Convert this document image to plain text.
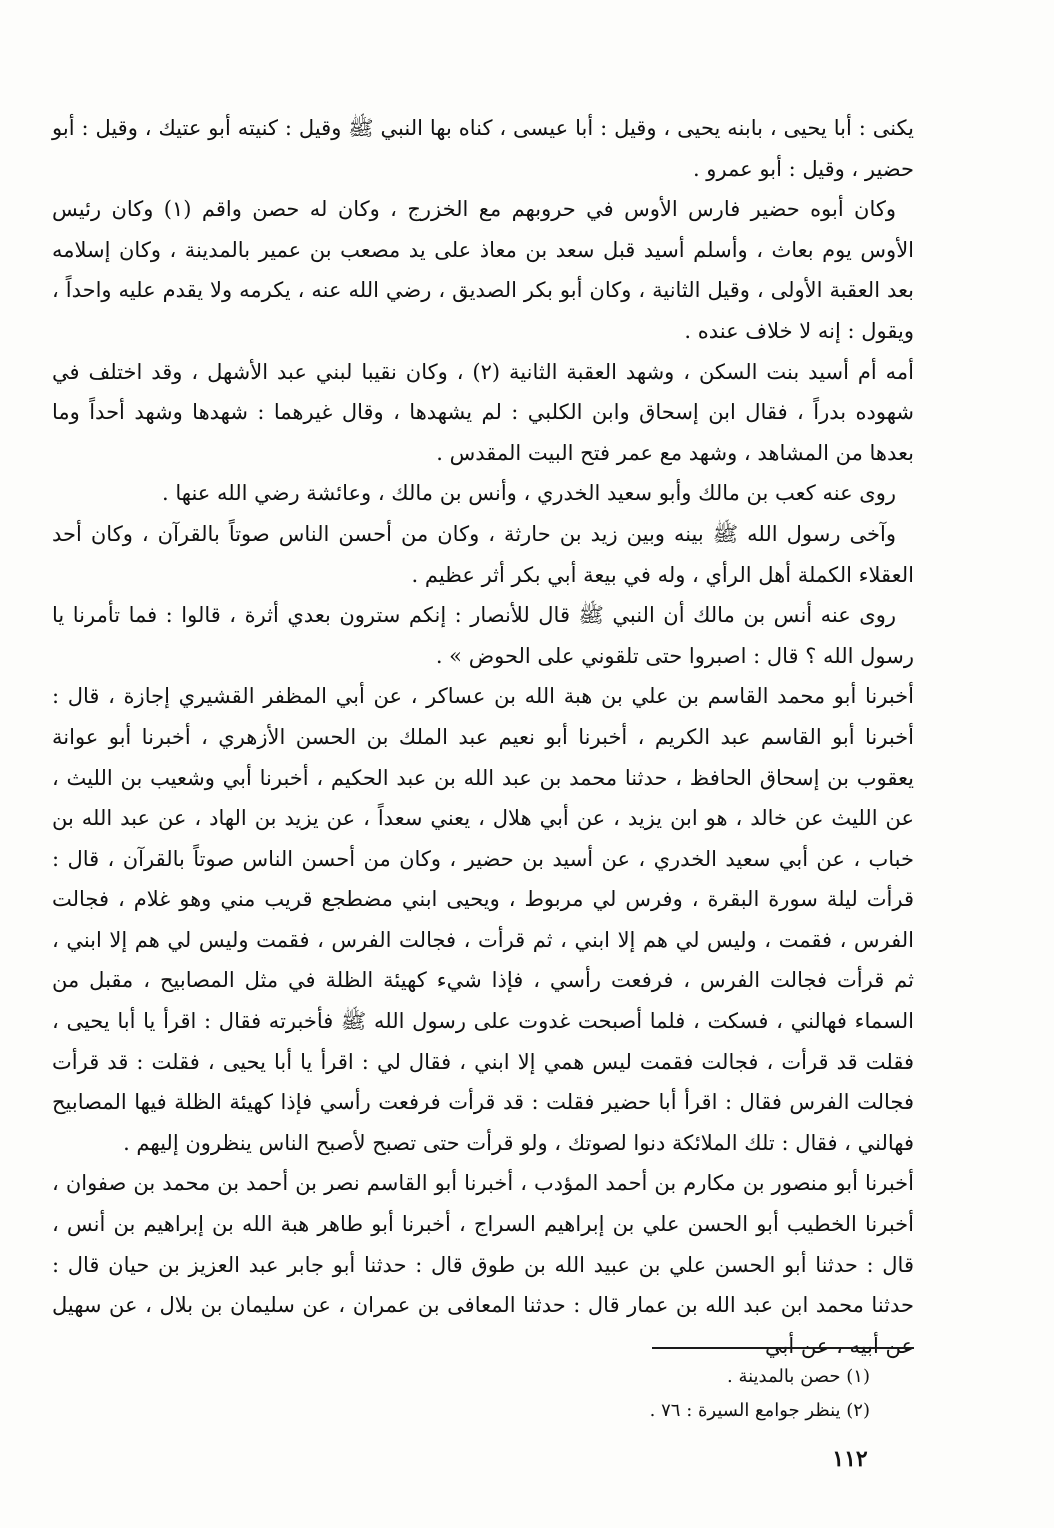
يكنى : أبا يحيى ، بابنه يحيى ، وقيل : أبا عيسى ، كناه بها النبي ﷺ وقيل : كنيته أبو عتيك ، وقيل : أبو حضير ، وقيل : أبو عمرو .

وكان أبوه حضير فارس الأوس في حروبهم مع الخزرج ، وكان له حصن واقم (١) وكان رئيس الأوس يوم بعاث ، وأسلم أسيد قبل سعد بن معاذ على يد مصعب بن عمير بالمدينة ، وكان إسلامه بعد العقبة الأولى ، وقيل الثانية ، وكان أبو بكر الصديق ، رضي الله عنه ، يكرمه ولا يقدم عليه واحداً ، ويقول : إنه لا خلاف عنده .

أمه أم أسيد بنت السكن ، وشهد العقبة الثانية (٢) ، وكان نقيبا لبني عبد الأشهل ، وقد اختلف في شهوده بدراً ، فقال ابن إسحاق وابن الكلبي : لم يشهدها ، وقال غيرهما : شهدها وشهد أحداً وما بعدها من المشاهد ، وشهد مع عمر فتح البيت المقدس .

روى عنه كعب بن مالك وأبو سعيد الخدري ، وأنس بن مالك ، وعائشة رضي الله عنها .

وآخى رسول الله ﷺ بينه وبين زيد بن حارثة ، وكان من أحسن الناس صوتاً بالقرآن ، وكان أحد العقلاء الكملة أهل الرأي ، وله في بيعة أبي بكر أثر عظيم .

روى عنه أنس بن مالك أن النبي ﷺ قال للأنصار : إنكم سترون بعدي أثرة ، قالوا : فما تأمرنا يا رسول الله ؟ قال : اصبروا حتى تلقوني على الحوض » .

أخبرنا أبو محمد القاسم بن علي بن هبة الله بن عساكر ، عن أبي المظفر القشيري إجازة ، قال : أخبرنا أبو القاسم عبد الكريم ، أخبرنا أبو نعيم عبد الملك بن الحسن الأزهري ، أخبرنا أبو عوانة يعقوب بن إسحاق الحافظ ، حدثنا محمد بن عبد الله بن عبد الحكيم ، أخبرنا أبي وشعيب بن الليث ، عن الليث عن خالد ، هو ابن يزيد ، عن أبي هلال ، يعني سعداً ، عن يزيد بن الهاد ، عن عبد الله بن خباب ، عن أبي سعيد الخدري ، عن أسيد بن حضير ، وكان من أحسن الناس صوتاً بالقرآن ، قال : قرأت ليلة سورة البقرة ، وفرس لي مربوط ، ويحيى ابني مضطجع قريب مني وهو غلام ، فجالت الفرس ، فقمت ، وليس لي هم إلا ابني ، ثم قرأت ، فجالت الفرس ، فقمت وليس لي هم إلا ابني ، ثم قرأت فجالت الفرس ، فرفعت رأسي ، فإذا شيء كهيئة الظلة في مثل المصابيح ، مقبل من السماء فهالني ، فسكت ، فلما أصبحت غدوت على رسول الله ﷺ فأخبرته فقال : اقرأ يا أبا يحيى ، فقلت قد قرأت ، فجالت فقمت ليس همي إلا ابني ، فقال لي : اقرأ يا أبا يحيى ، فقلت : قد قرأت فجالت الفرس فقال : اقرأ أبا حضير فقلت : قد قرأت فرفعت رأسي فإذا كهيئة الظلة فيها المصابيح فهالني ، فقال : تلك الملائكة دنوا لصوتك ، ولو قرأت حتى تصبح لأصبح الناس ينظرون إليهم .

أخبرنا أبو منصور بن مكارم بن أحمد المؤدب ، أخبرنا أبو القاسم نصر بن أحمد بن محمد بن صفوان ، أخبرنا الخطيب أبو الحسن علي بن إبراهيم السراج ، أخبرنا أبو طاهر هبة الله بن إبراهيم بن أنس ، قال : حدثنا أبو الحسن علي بن عبيد الله بن طوق قال : حدثنا أبو جابر عبد العزيز بن حيان قال : حدثنا محمد ابن عبد الله بن عمار قال : حدثنا المعافى بن عمران ، عن سليمان بن بلال ، عن سهيل عن أبيه ، عن أبي

(١) حصن بالمدينة .

(٢) ينظر جوامع السيرة : ٧٦ .

١١٢
